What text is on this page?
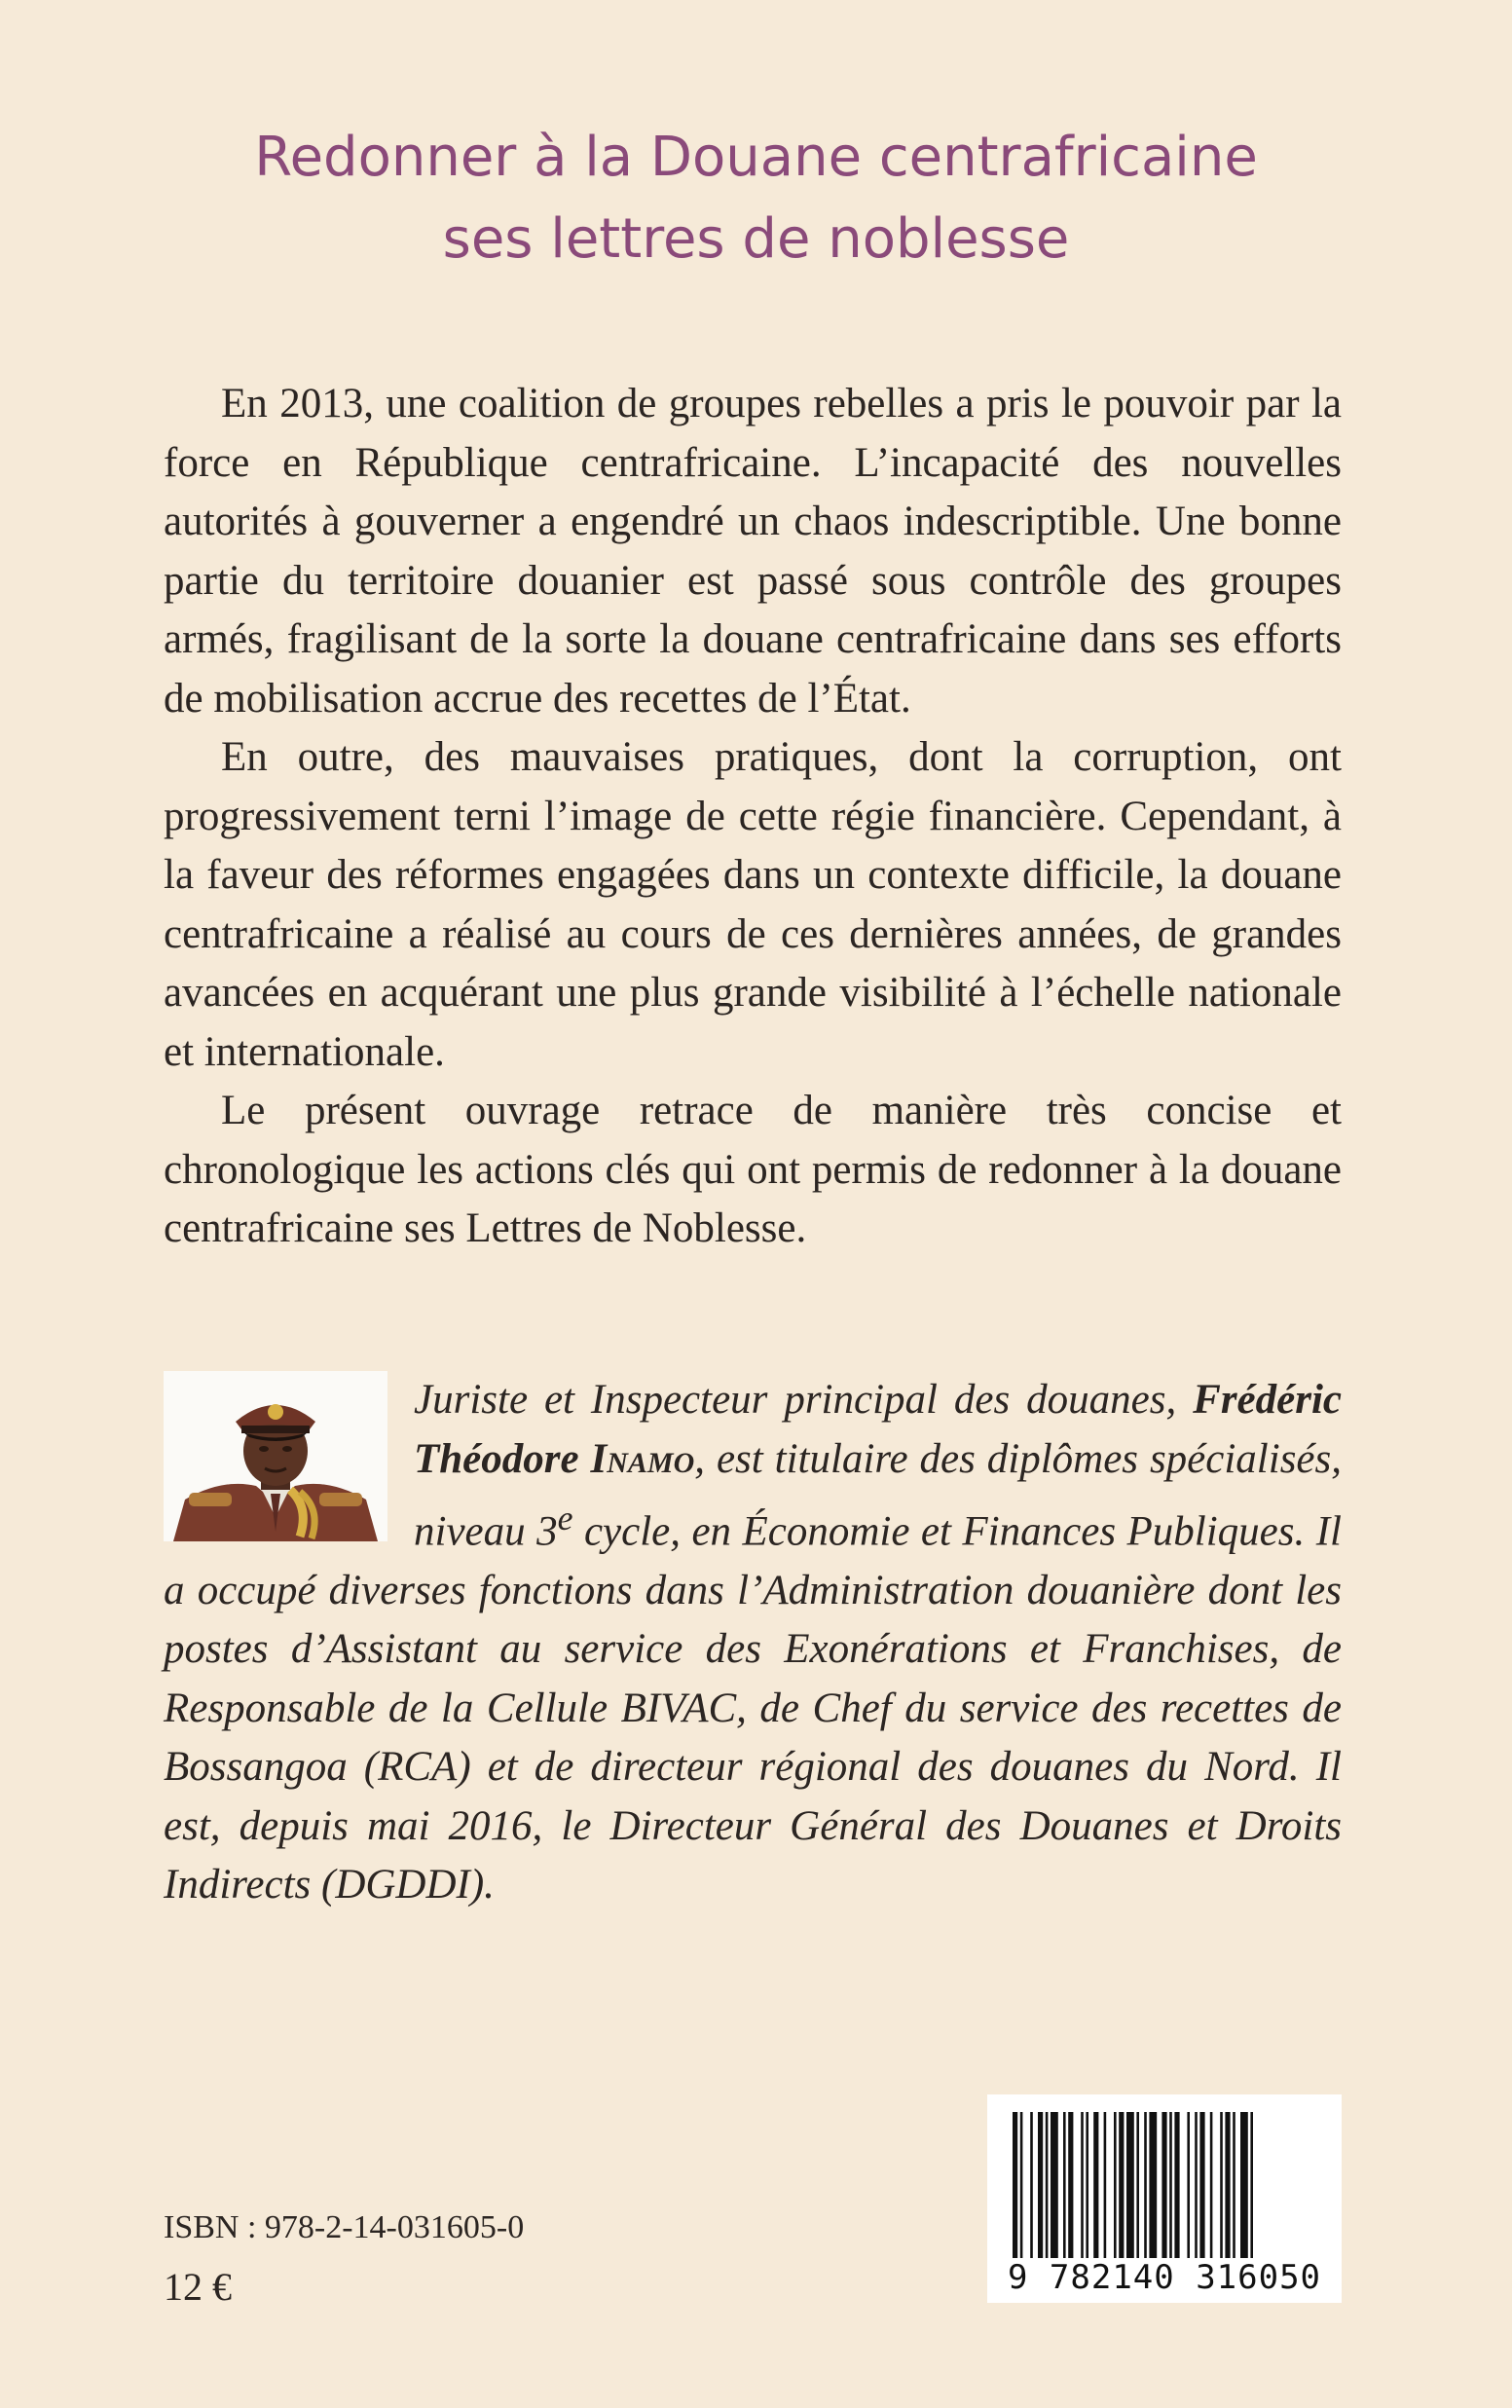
Redonner à la Douane centrafricaine
ses lettres de noblesse

En 2013, une coalition de groupes rebelles a pris le pouvoir par la force en République centrafricaine. L’incapacité des nouvelles autorités à gouverner a engendré un chaos indescriptible. Une bonne partie du territoire douanier est passé sous contrôle des groupes armés, fragilisant de la sorte la douane centrafricaine dans ses efforts de mobilisation accrue des recettes de l’État.

En outre, des mauvaises pratiques, dont la corruption, ont progressivement terni l’image de cette régie financière. Cependant, à la faveur des réformes engagées dans un contexte difficile, la douane centrafricaine a réalisé au cours de ces dernières années, de grandes avancées en acquérant une plus grande visibilité à l’échelle nationale et internationale.

Le présent ouvrage retrace de manière très concise et chronologique les actions clés qui ont permis de redonner à la douane centrafricaine ses Lettres de Noblesse.

Juriste et Inspecteur principal des douanes, Frédéric Théodore Inamo, est titulaire des diplômes spécialisés, niveau 3e cycle, en Économie et Finances Publiques. Il a occupé diverses fonctions dans l’Administration douanière dont les postes d’Assistant au service des Exonérations et Franchises, de Responsable de la Cellule BIVAC, de Chef du service des recettes de Bossangoa (RCA) et de directeur régional des douanes du Nord. Il est, depuis mai 2016, le Directeur Général des Douanes et Droits Indirects (DGDDI).
9 782140 316050
ISBN : 978-2-14-031605-0
12 €
